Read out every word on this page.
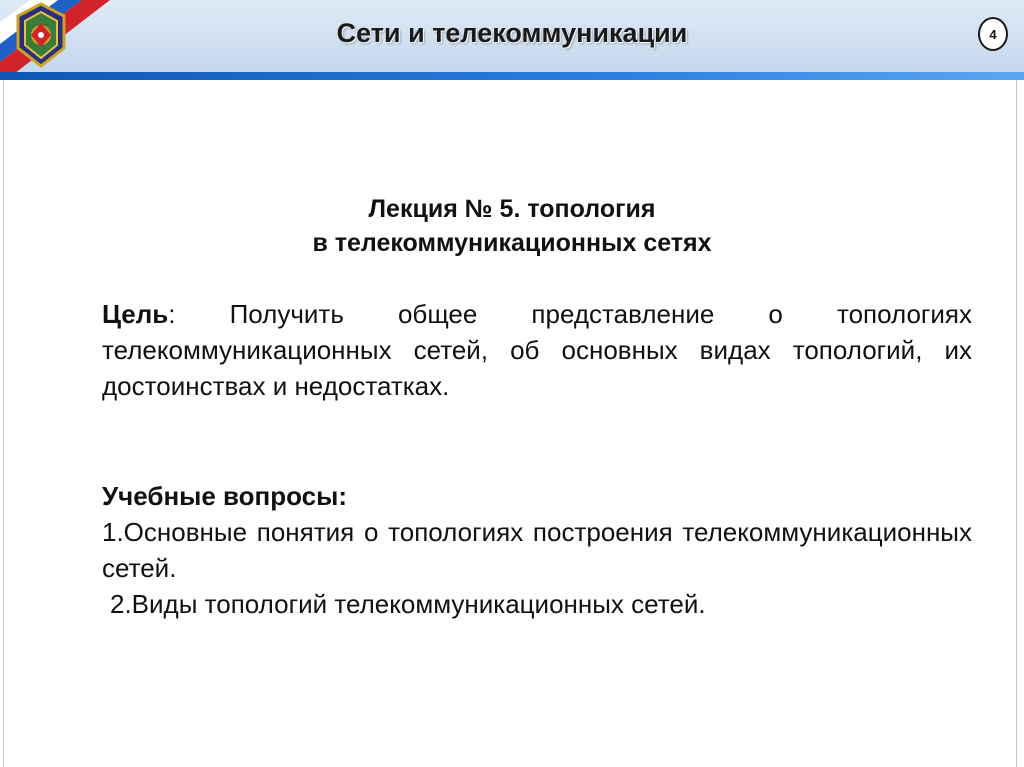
Сети и телекоммуникации	4
Лекция № 5. топология
в телекоммуникационных сетях
Цель: Получить общее представление о топологиях телекоммуникационных сетей, об основных видах топологий, их достоинствах и недостатках.
Учебные вопросы:
1.Основные понятия о топологиях построения телекоммуникационных сетей.
2.Виды топологий телекоммуникационных сетей.
